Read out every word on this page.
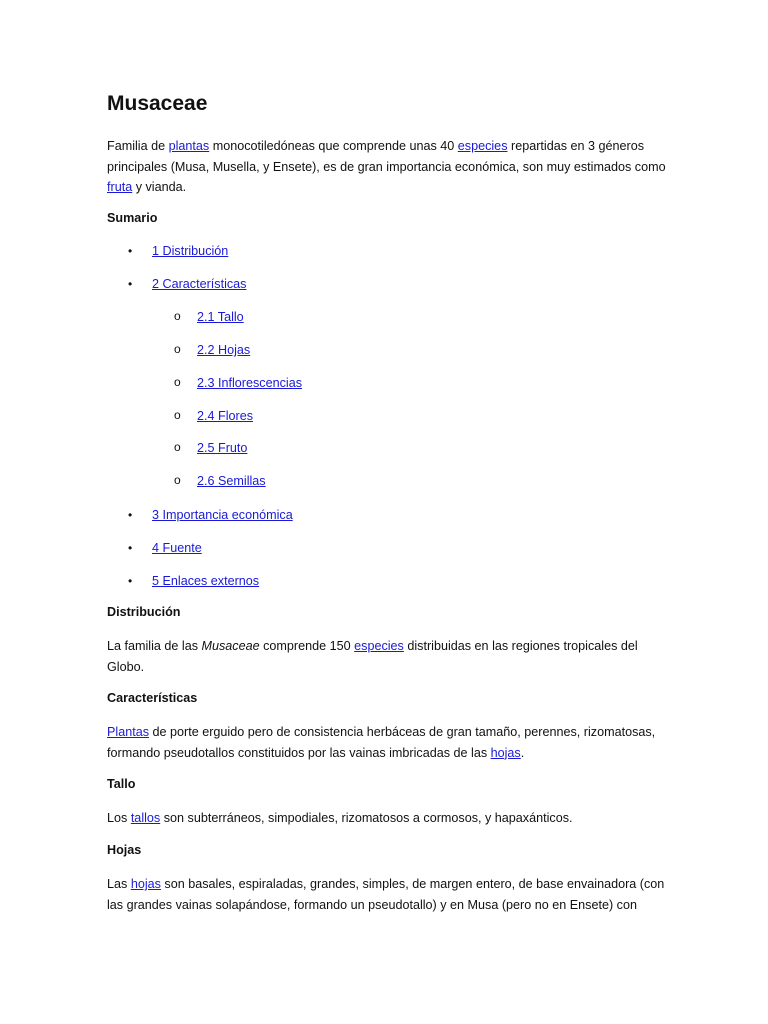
Musaceae

Familia de plantas monocotiledóneas que comprende unas 40 especies repartidas en 3 géneros principales (Musa, Musella, y Ensete), es de gran importancia económica, son muy estimados como fruta y vianda.

Sumario
• 1 Distribución
• 2 Características
o 2.1 Tallo
o 2.2 Hojas
o 2.3 Inflorescencias
o 2.4 Flores
o 2.5 Fruto
o 2.6 Semillas
• 3 Importancia económica
• 4 Fuente
• 5 Enlaces externos
Distribución

La familia de las Musaceae comprende 150 especies distribuidas en las regiones tropicales del Globo.

Características

Plantas de porte erguido pero de consistencia herbáceas de gran tamaño, perennes, rizomatosas, formando pseudotallos constituidos por las vainas imbricadas de las hojas.

Tallo

Los tallos son subterráneos, simpodiales, rizomatosos a cormosos, y hapaxánticos.

Hojas

Las hojas son basales, espiraladas, grandes, simples, de margen entero, de base envainadora (con las grandes vainas solapándose, formando un pseudotallo) y en Musa (pero no en Ensete) con
